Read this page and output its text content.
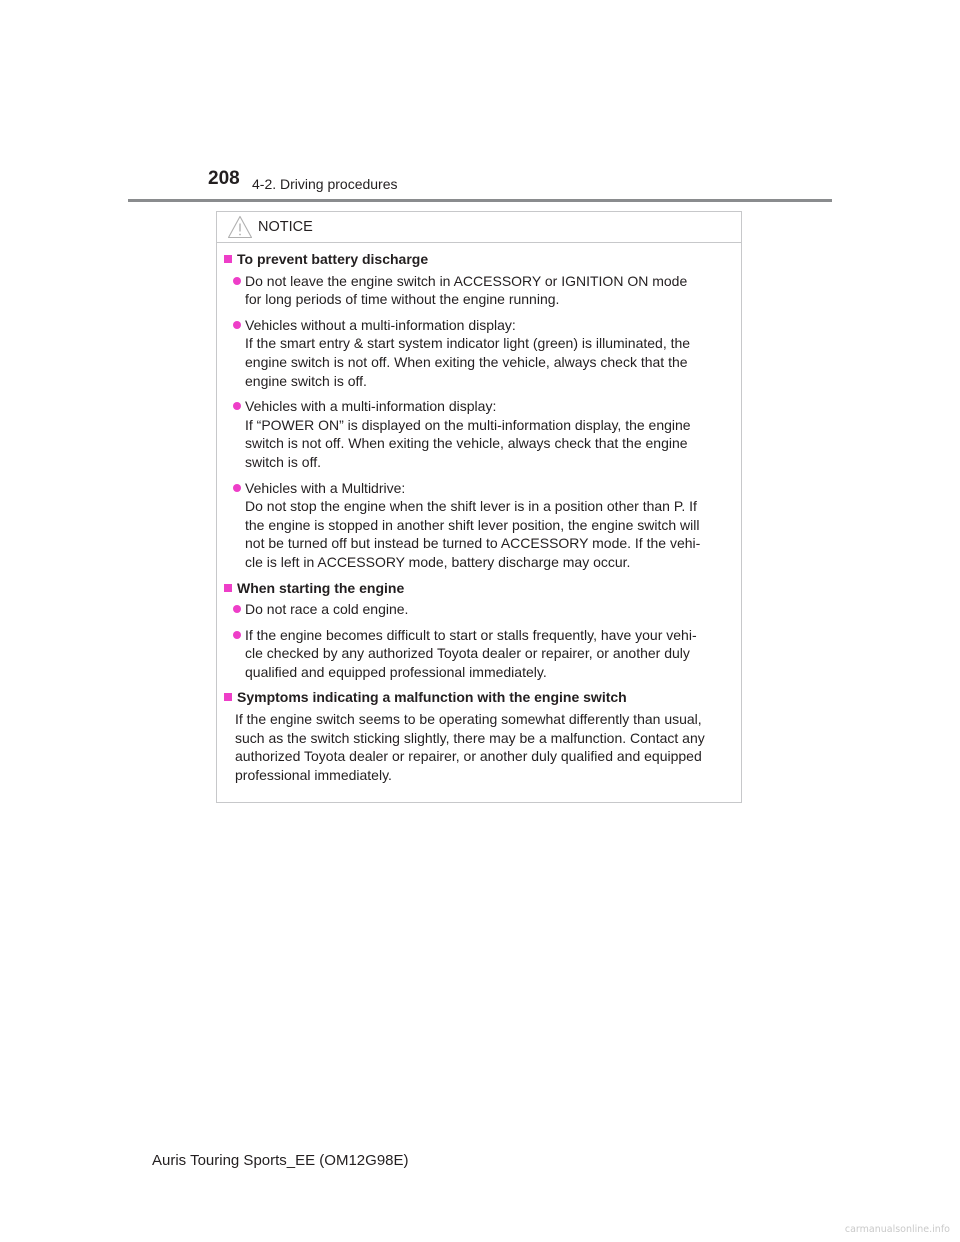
208 4-2. Driving procedures
NOTICE
To prevent battery discharge
Do not leave the engine switch in ACCESSORY or IGNITION ON mode
for long periods of time without the engine running.
Vehicles without a multi-information display:
If the smart entry & start system indicator light (green) is illuminated, the
engine switch is not off. When exiting the vehicle, always check that the
engine switch is off.
Vehicles with a multi-information display:
If “POWER ON” is displayed on the multi-information display, the engine
switch is not off. When exiting the vehicle, always check that the engine
switch is off.
Vehicles with a Multidrive:
Do not stop the engine when the shift lever is in a position other than P. If
the engine is stopped in another shift lever position, the engine switch will
not be turned off but instead be turned to ACCESSORY mode. If the vehi-
cle is left in ACCESSORY mode, battery discharge may occur.
When starting the engine
Do not race a cold engine.
If the engine becomes difficult to start or stalls frequently, have your vehi-
cle checked by any authorized Toyota dealer or repairer, or another duly
qualified and equipped professional immediately.
Symptoms indicating a malfunction with the engine switch
If the engine switch seems to be operating somewhat differently than usual,
such as the switch sticking slightly, there may be a malfunction. Contact any
authorized Toyota dealer or repairer, or another duly qualified and equipped
professional immediately.
Auris Touring Sports_EE (OM12G98E)
carmanualsonline.info
